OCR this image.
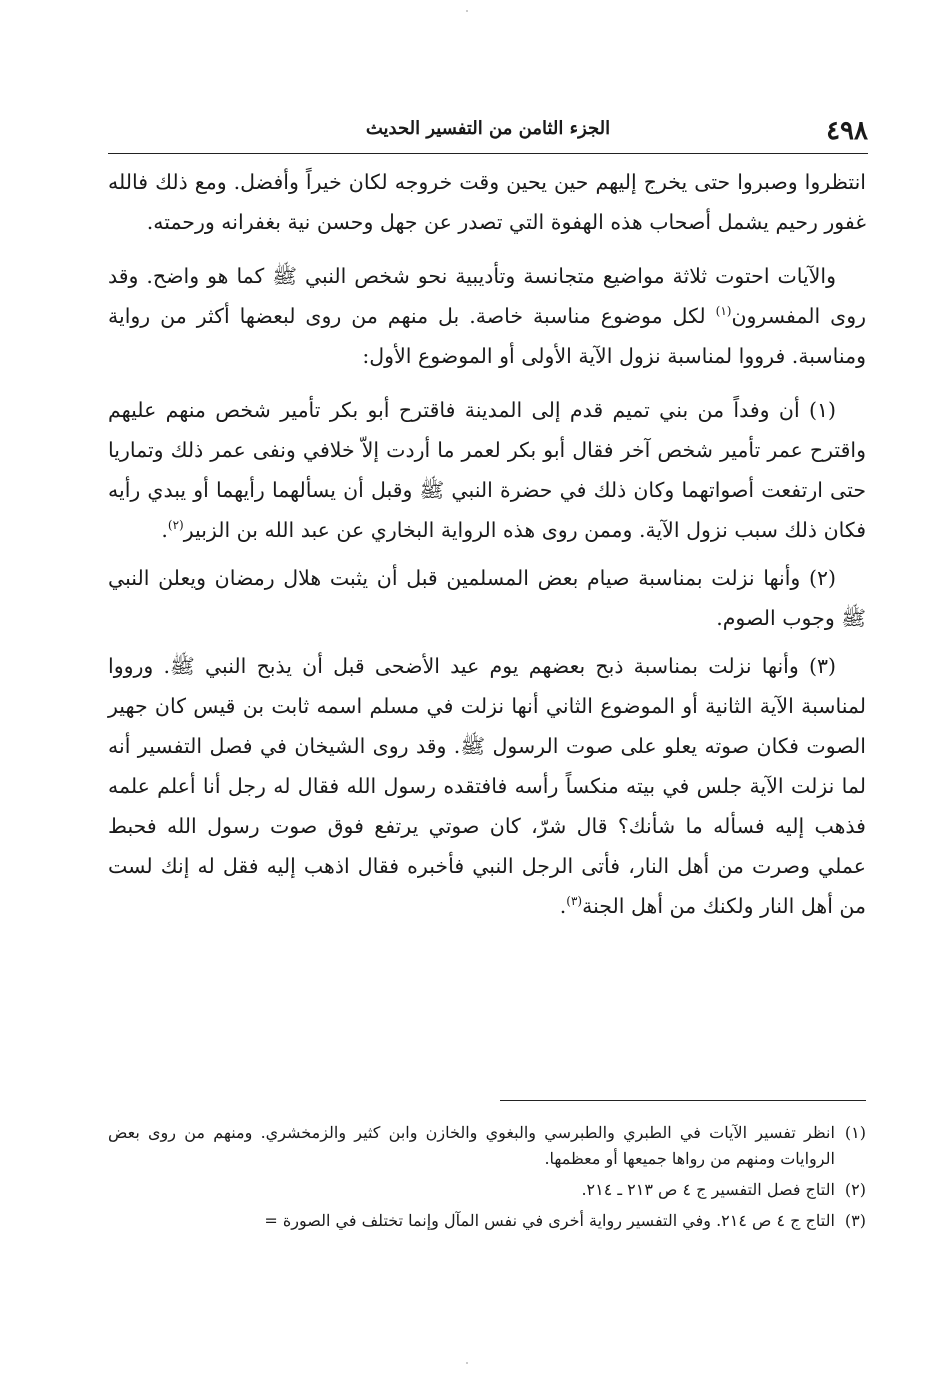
٤٩٨
الجزء الثامن من التفسير الحديث

انتظروا وصبروا حتى يخرج إليهم حين يحين وقت خروجه لكان خيراً وأفضل. ومع ذلك فالله غفور رحيم يشمل أصحاب هذه الهفوة التي تصدر عن جهل وحسن نية بغفرانه ورحمته.

والآيات احتوت ثلاثة مواضيع متجانسة وتأديبية نحو شخص النبي ﷺ كما هو واضح. وقد روى المفسرون$^{(١)}$ لكل موضوع مناسبة خاصة. بل منهم من روى لبعضها أكثر من رواية ومناسبة. فرووا لمناسبة نزول الآية الأولى أو الموضوع الأول:

(١) أن وفداً من بني تميم قدم إلى المدينة فاقترح أبو بكر تأمير شخص منهم عليهم واقترح عمر تأمير شخص آخر فقال أبو بكر لعمر ما أردت إلاّ خلافي ونفى عمر ذلك وتماريا حتى ارتفعت أصواتهما وكان ذلك في حضرة النبي ﷺ وقبل أن يسألهما رأيهما أو يبدي رأيه فكان ذلك سبب نزول الآية. وممن روى هذه الرواية البخاري عن عبد الله بن الزبير$^{(٢)}$.

(٢) وأنها نزلت بمناسبة صيام بعض المسلمين قبل أن يثبت هلال رمضان ويعلن النبي ﷺ وجوب الصوم.

(٣) وأنها نزلت بمناسبة ذبح بعضهم يوم عيد الأضحى قبل أن يذبح النبي ﷺ. ورووا لمناسبة الآية الثانية أو الموضوع الثاني أنها نزلت في مسلم اسمه ثابت بن قيس كان جهير الصوت فكان صوته يعلو على صوت الرسول ﷺ. وقد روى الشيخان في فصل التفسير أنه لما نزلت الآية جلس في بيته منكساً رأسه فافتقده رسول الله فقال له رجل أنا أعلم علمه فذهب إليه فسأله ما شأنك؟ قال شرّ، كان صوتي يرتفع فوق صوت رسول الله فحبط عملي وصرت من أهل النار، فأتى الرجل النبي فأخبره فقال اذهب إليه فقل له إنك لست من أهل النار ولكنك من أهل الجنة$^{(٣)}$.

(١)
انظر تفسير الآيات في الطبري والطبرسي والبغوي والخازن وابن كثير والزمخشري. ومنهم من روى بعض الروايات ومنهم من رواها جميعها أو معظمها.
(٢)
التاج فصل التفسير ج ٤ ص ٢١٣ ـ ٢١٤.
(٣)
التاج ج ٤ ص ٢١٤. وفي التفسير رواية أخرى في نفس المآل وإنما تختلف في الصورة =
